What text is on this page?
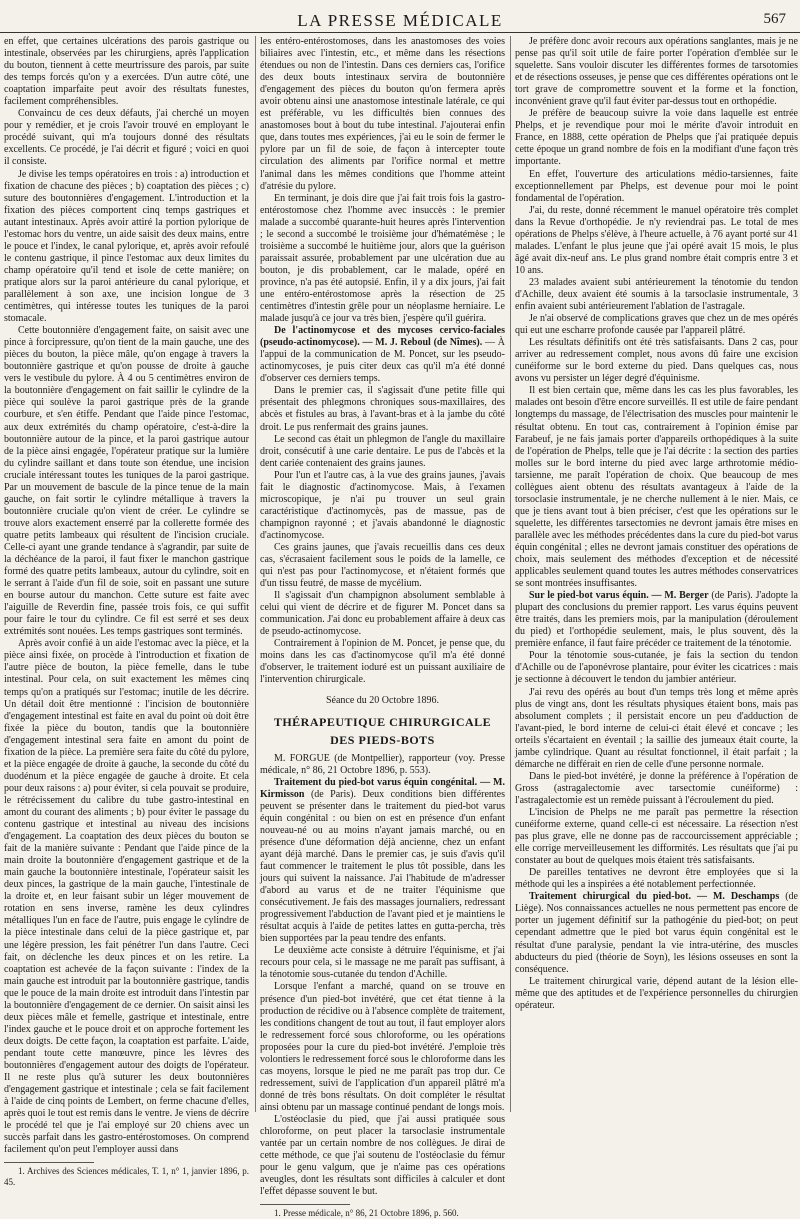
LA PRESSE MÉDICALE	567

en effet, que certaines ulcérations des parois gastrique ou intestinale, observées par les chirurgiens, après l'application du bouton, tiennent à cette meurtrissure des parois, par suite des temps forcés qu'on y a exercées. D'un autre côté, une coaptation imparfaite peut avoir des résultats funestes, facilement compréhensibles.

Convaincu de ces deux défauts, j'ai cherché un moyen pour y remédier, et je crois l'avoir trouvé en employant le procédé suivant, qui m'a toujours donné des résultats excellents. Ce procédé, je l'ai décrit et figuré ; voici en quoi il consiste.

Je divise les temps opératoires en trois : a) introduction et fixation de chacune des pièces ; b) coaptation des pièces ; c) suture des boutonnières d'engagement. L'introduction et la fixation des pièces comportent cinq temps gastriques et autant intestinaux. Après avoir attiré la portion pylorique de l'estomac hors du ventre, un aide saisit des deux mains, entre le pouce et l'index, le canal pylorique, et, après avoir refoulé le contenu gastrique, il pince l'estomac aux deux limites du champ opératoire qu'il tend et isole de cette manière; on pratique alors sur la paroi antérieure du canal pylorique, et parallèlement à son axe, une incision longue de 3 centimètres, qui intéresse toutes les tuniques de la paroi stomacale.

Cette boutonnière d'engagement faite, on saisit avec une pince à forcipressure, qu'on tient de la main gauche, une des pièces du bouton, la pièce mâle, qu'on engage à travers la boutonnière gastrique et qu'on pousse de droite à gauche vers le vestibule du pylore. À 4 ou 5 centimètres environ de la boutonnière d'engagement on fait saillir le cylindre de la pièce qui soulève la paroi gastrique près de la grande courbure, et s'en étiffe. Pendant que l'aide pince l'estomac, aux deux extrémités du champ opératoire, c'est-à-dire la boutonnière autour de la pince, et la paroi gastrique autour de la pièce ainsi engagée, l'opérateur pratique sur la lumière du cylindre saillant et dans toute son étendue, une incision cruciale intéressant toutes les tuniques de la paroi gastrique. Par un mouvement de bascule de la pince tenue de la main gauche, on fait sortir le cylindre métallique à travers la boutonnière cruciale qu'on vient de créer. Le cylindre se trouve alors exactement enserré par la collerette formée des quatre petits lambeaux qui résultent de l'incision cruciale. Celle-ci ayant une grande tendance à s'agrandir, par suite de la déchéance de la paroi, il faut fixer le manchon gastrique formé des quatre petits lambeaux, autour du cylindre, soit en le serrant à l'aide d'un fil de soie, soit en passant une suture en bourse autour du manchon. Cette suture est faite avec l'aiguille de Reverdin fine, passée trois fois, ce qui suffit pour faire le tour du cylindre. Ce fil est serré et ses deux extrémités sont nouées. Les temps gastriques sont terminés.

Après avoir confié à un aide l'estomac avec la pièce, et la pièce ainsi fixée, on procède à l'introduction et fixation de l'autre pièce de bouton, la pièce femelle, dans le tube intestinal. Pour cela, on suit exactement les mêmes cinq temps qu'on a pratiqués sur l'estomac; inutile de les décrire. Un détail doit être mentionné : l'incision de boutonnière d'engagement intestinal est faite en aval du point où doit être fixée la pièce du bouton, tandis que la boutonnière d'engagement intestinal sera faite en amont du point de fixation de la pièce. La première sera faite du côté du pylore, et la pièce engagée de droite à gauche, la seconde du côté du duodénum et la pièce engagée de gauche à droite. Et cela pour deux raisons : a) pour éviter, si cela pouvait se produire, le rétrécissement du calibre du tube gastro-intestinal en amont du courant des aliments ; b) pour éviter le passage du contenu gastrique et intestinal au niveau des incisions d'engagement. La coaptation des deux pièces du bouton se fait de la manière suivante : Pendant que l'aide pince de la main droite la boutonnière d'engagement gastrique et de la main gauche la boutonnière intestinale, l'opérateur saisit les deux pinces, la gastrique de la main gauche, l'intestinale de la droite et, en leur faisant subir un léger mouvement de rotation en sens inverse, ramène les deux cylindres métalliques l'un en face de l'autre, puis engage le cylindre de la pièce intestinale dans celui de la pièce gastrique et, par une légère pression, les fait pénétrer l'un dans l'autre. Ceci fait, on déclenche les deux pinces et on les retire. La coaptation est achevée de la façon suivante : l'index de la main gauche est introduit par la boutonnière gastrique, tandis que le pouce de la main droite est introduit dans l'intestin par la boutonnière d'engagement de ce dernier. On saisit ainsi les deux pièces mâle et femelle, gastrique et intestinale, entre l'index gauche et le pouce droit et on approche fortement les deux doigts. De cette façon, la coaptation est parfaite. L'aide, pendant toute cette manœuvre, pince les lèvres des boutonnières d'engagement autour des doigts de l'opérateur. Il ne reste plus qu'à suturer les deux boutonnières d'engagement gastrique et intestinale ; cela se fait facilement à l'aide de cinq points de Lembert, on ferme chacune d'elles, après quoi le tout est remis dans le ventre. Je viens de décrire le procédé tel que je l'ai employé sur 20 chiens avec un succès parfait dans les gastro-entérostomoses. On comprend facilement qu'on peut l'employer aussi dans

1. Archives des Sciences médicales, T. 1, n° 1, janvier 1896, p. 45.

les entéro-entérostomoses, dans les anastomoses des voies biliaires avec l'intestin, etc., et même dans les résections étendues ou non de l'intestin. Dans ces derniers cas, l'orifice des deux bouts intestinaux servira de boutonnière d'engagement des pièces du bouton qu'on fermera après avoir obtenu ainsi une anastomose intestinale latérale, ce qui est préférable, vu les difficultés bien connues des anastomoses bout à bout du tube intestinal. J'ajouterai enfin que, dans toutes mes expériences, j'ai eu le soin de fermer le pylore par un fil de soie, de façon à intercepter toute circulation des aliments par l'orifice normal et mettre l'animal dans les mêmes conditions que l'homme atteint d'atrésie du pylore.

En terminant, je dois dire que j'ai fait trois fois la gastro-entérostomose chez l'homme avec insuccès : le premier malade a succombé quarante-huit heures après l'intervention ; le second a succombé le troisième jour d'hématémèse ; le troisième a succombé le huitième jour, alors que la guérison paraissait assurée, probablement par une ulcération due au bouton, je dis probablement, car le malade, opéré en province, n'a pas été autopsié. Enfin, il y a dix jours, j'ai fait une entéro-entérostomose après la résection de 25 centimètres d'intestin grêle pour un néoplasme herniaire. Le malade jusqu'à ce jour va très bien, j'espère qu'il guérira.

De l'actinomycose et des mycoses cervico-faciales (pseudo-actinomycose). — M. J. Reboul (de Nîmes). — À l'appui de la communication de M. Poncet, sur les pseudo-actinomycoses, je puis citer deux cas qu'il m'a été donné d'observer ces derniers temps.

Dans le premier cas, il s'agissait d'une petite fille qui présentait des phlegmons chroniques sous-maxillaires, des abcès et fistules au bras, à l'avant-bras et à la jambe du côté droit. Le pus renfermait des grains jaunes.

Le second cas était un phlegmon de l'angle du maxillaire droit, consécutif à une carie dentaire. Le pus de l'abcès et la dent cariée contenaient des grains jaunes.

Pour l'un et l'autre cas, à la vue des grains jaunes, j'avais fait le diagnostic d'actinomycose. Mais, à l'examen microscopique, je n'ai pu trouver un seul grain caractéristique d'actinomycès, pas de massue, pas de champignon rayonné ; et j'avais abandonné le diagnostic d'actinomycose.

Ces grains jaunes, que j'avais recueillis dans ces deux cas, s'écrasaient facilement sous le poids de la lamelle, ce qui n'est pas pour l'actinomycose, et n'étaient formés que d'un tissu feutré, de masse de mycélium.

Il s'agissait d'un champignon absolument semblable à celui qui vient de décrire et de figurer M. Poncet dans sa communication. J'ai donc eu probablement affaire à deux cas de pseudo-actinomycose.

Contrairement à l'opinion de M. Poncet, je pense que, du moins dans les cas d'actinomycose qu'il m'a été donné d'observer, le traitement ioduré est un puissant auxiliaire de l'intervention chirurgicale.

Séance du 20 Octobre 1896.

THÉRAPEUTIQUE CHIRURGICALE
DES PIEDS-BOTS

M. FORGUE (de Montpellier), rapporteur (voy. Presse médicale, n° 86, 21 Octobre 1896, p. 553).

Traitement du pied-bot varus équin congénital. — M. Kirmisson (de Paris). Deux conditions bien différentes peuvent se présenter dans le traitement du pied-bot varus équin congénital : ou bien on est en présence d'un enfant nouveau-né ou au moins n'ayant jamais marché, ou en présence d'une déformation déjà ancienne, chez un enfant ayant déjà marché. Dans le premier cas, je suis d'avis qu'il faut commencer le traitement le plus tôt possible, dans les jours qui suivent la naissance. J'ai l'habitude de m'adresser d'abord au varus et de ne traiter l'équinisme que consécutivement. Je fais des massages journaliers, redressant progressivement l'abduction de l'avant pied et je maintiens le résultat acquis à l'aide de petites lattes en gutta-percha, très bien supportées par la peau tendre des enfants.

Le deuxième acte consiste à détruire l'équinisme, et j'ai recours pour cela, si le massage ne me paraît pas suffisant, à la ténotomie sous-cutanée du tendon d'Achille.

Lorsque l'enfant a marché, quand on se trouve en présence d'un pied-bot invétéré, que cet état tienne à la production de récidive ou à l'absence complète de traitement, les conditions changent de tout au tout, il faut employer alors le redressement forcé sous chloroforme, ou les opérations proposées pour la cure du pied-bot invétéré. J'emploie très volontiers le redressement forcé sous le chloroforme dans les cas moyens, lorsque le pied ne me paraît pas trop dur. Ce redressement, suivi de l'application d'un appareil plâtré m'a donné de très bons résultats. On doit compléter le résultat ainsi obtenu par un massage continué pendant de longs mois.

L'ostéoclasie du pied, que j'ai aussi pratiquée sous chloroforme, on peut placer la tarsoclasie instrumentale vantée par un certain nombre de nos collègues. Je dirai de cette méthode, ce que j'ai soutenu de l'ostéoclasie du fémur pour le genu valgum, que je n'aime pas ces opérations aveugles, dont les résultats sont difficiles à calculer et dont l'effet dépasse souvent le but.

1. Presse médicale, n° 86, 21 Octobre 1896, p. 560.

Je préfère donc avoir recours aux opérations sanglantes, mais je ne pense pas qu'il soit utile de faire porter l'opération d'emblée sur le squelette. Sans vouloir discuter les différentes formes de tarsotomies et de résections osseuses, je pense que ces différentes opérations ont le tort grave de compromettre souvent et la forme et la fonction, inconvénient grave qu'il faut éviter par-dessus tout en orthopédie.

Je préfère de beaucoup suivre la voie dans laquelle est entrée Phelps, et je revendique pour moi le mérite d'avoir introduit en France, en 1888, cette opération de Phelps que j'ai pratiquée depuis cette époque un grand nombre de fois en la modifiant d'une façon très importante.

En effet, l'ouverture des articulations médio-tarsiennes, faite exceptionnellement par Phelps, est devenue pour moi le point fondamental de l'opération.

J'ai, du reste, donné récemment le manuel opératoire très complet dans la Revue d'orthopédie. Je n'y reviendrai pas. Le total de mes opérations de Phelps s'élève, à l'heure actuelle, à 76 ayant porté sur 41 malades. L'enfant le plus jeune que j'ai opéré avait 15 mois, le plus âgé avait dix-neuf ans. Le plus grand nombre était compris entre 3 et 10 ans.

23 malades avaient subi antérieurement la ténotomie du tendon d'Achille, deux avaient été soumis à la tarsoclasie instrumentale, 3 enfin avaient subi antérieurement l'ablation de l'astragale.

Je n'ai observé de complications graves que chez un de mes opérés qui eut une escharre profonde causée par l'appareil plâtré.

Les résultats définitifs ont été très satisfaisants. Dans 2 cas, pour arriver au redressement complet, nous avons dû faire une excision cunéiforme sur le bord externe du pied. Dans quelques cas, nous avons vu persister un léger degré d'équinisme.

Il est bien certain que, même dans les cas les plus favorables, les malades ont besoin d'être encore surveillés. Il est utile de faire pendant longtemps du massage, de l'électrisation des muscles pour maintenir le résultat obtenu. En tout cas, contrairement à l'opinion émise par Farabeuf, je ne fais jamais porter d'appareils orthopédiques à la suite de l'opération de Phelps, telle que je l'ai décrite : la section des parties molles sur le bord interne du pied avec large arthrotomie médio-tarsienne, me paraît l'opération de choix. Que beaucoup de mes collègues aient obtenu des résultats avantageux à l'aide de la torsoclasie instrumentale, je ne cherche nullement à le nier. Mais, ce que je tiens avant tout à bien préciser, c'est que les opérations sur le squelette, les différentes tarsectomies ne devront jamais être mises en parallèle avec les méthodes précédentes dans la cure du pied-bot varus équin congénital ; elles ne devront jamais constituer des opérations de choix, mais seulement des méthodes d'exception et de nécessité applicables seulement quand toutes les autres méthodes conservatrices se sont montrées insuffisantes.

Sur le pied-bot varus équin. — M. Berger (de Paris). J'adopte la plupart des conclusions du premier rapport. Les varus équins peuvent être traités, dans les premiers mois, par la manipulation (déroulement du pied) et l'orthopédie seulement, mais, le plus souvent, dès la première enfance, il faut faire précéder ce traitement de la ténotomie.

Pour la ténotomie sous-cutanée, je fais la section du tendon d'Achille ou de l'aponévrose plantaire, pour éviter les cicatrices : mais je sectionne à découvert le tendon du jambier antérieur.

J'ai revu des opérés au bout d'un temps très long et même après plus de vingt ans, dont les résultats physiques étaient bons, mais pas absolument complets ; il persistait encore un peu d'adduction de l'avant-pied, le bord interne de celui-ci était élevé et concave ; les orteils s'écartaient en éventail ; la saillie des jumeaux était courte, la jambe cylindrique. Quant au résultat fonctionnel, il était parfait ; la démarche ne différait en rien de celle d'une personne normale.

Dans le pied-bot invétéré, je donne la préférence à l'opération de Gross (astragalectomie avec tarsectomie cunéiforme) : l'astragalectomie est un remède puissant à l'écroulement du pied.

L'incision de Phelps ne me paraît pas permettre la résection cunéiforme externe, quand celle-ci est nécessaire. La résection n'est pas plus grave, elle ne donne pas de raccourcissement appréciable ; elle corrige merveilleusement les difformités. Les résultats que j'ai pu constater au bout de quelques mois étaient très satisfaisants.

De pareilles tentatives ne devront être employées que si la méthode qui les a inspirées a été notablement perfectionnée.

Traitement chirurgical du pied-bot. — M. Deschamps (de Liège). Nos connaissances actuelles ne nous permettent pas encore de porter un jugement définitif sur la pathogénie du pied-bot; on peut cependant admettre que le pied bot varus équin congénital est le résultat d'une paralysie, pendant la vie intra-utérine, des muscles abducteurs du pied (théorie de Soyn), les lésions osseuses en sont la conséquence.

Le traitement chirurgical varie, dépend autant de la lésion elle-même que des aptitudes et de l'expérience personnelles du chirurgien opérateur.
